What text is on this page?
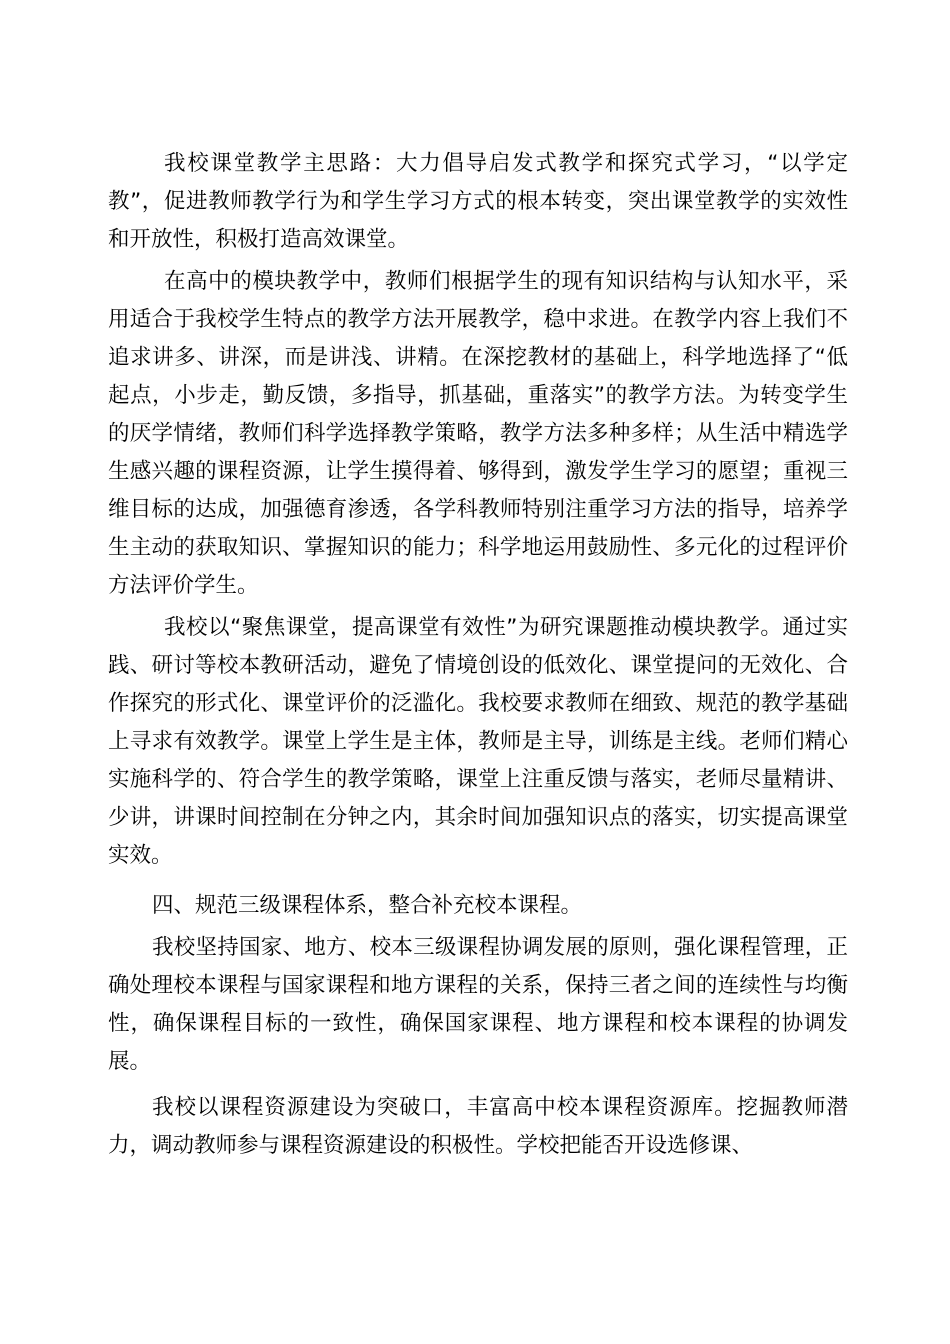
我校课堂教学主思路：大力倡导启发式教学和探究式学习，“以学定教”，促进教师教学行为和学生学习方式的根本转变，突出课堂教学的实效性和开放性，积极打造高效课堂。

在高中的模块教学中，教师们根据学生的现有知识结构与认知水平，采用适合于我校学生特点的教学方法开展教学，稳中求进。在教学内容上我们不追求讲多、讲深，而是讲浅、讲精。在深挖教材的基础上，科学地选择了“低起点，小步走，勤反馈，多指导，抓基础，重落实”的教学方法。为转变学生的厌学情绪，教师们科学选择教学策略，教学方法多种多样；从生活中精选学生感兴趣的课程资源，让学生摸得着、够得到，激发学生学习的愿望；重视三维目标的达成，加强德育渗透，各学科教师特别注重学习方法的指导，培养学生主动的获取知识、掌握知识的能力；科学地运用鼓励性、多元化的过程评价方法评价学生。

我校以“聚焦课堂，提高课堂有效性”为研究课题推动模块教学。通过实践、研讨等校本教研活动，避免了情境创设的低效化、课堂提问的无效化、合作探究的形式化、课堂评价的泛滥化。我校要求教师在细致、规范的教学基础上寻求有效教学。课堂上学生是主体，教师是主导，训练是主线。老师们精心实施科学的、符合学生的教学策略，课堂上注重反馈与落实，老师尽量精讲、少讲，讲课时间控制在分钟之内，其余时间加强知识点的落实，切实提高课堂实效。

四、规范三级课程体系，整合补充校本课程。

我校坚持国家、地方、校本三级课程协调发展的原则，强化课程管理，正确处理校本课程与国家课程和地方课程的关系，保持三者之间的连续性与均衡性，确保课程目标的一致性，确保国家课程、地方课程和校本课程的协调发展。

我校以课程资源建设为突破口，丰富高中校本课程资源库。挖掘教师潜力，调动教师参与课程资源建设的积极性。学校把能否开设选修课、
